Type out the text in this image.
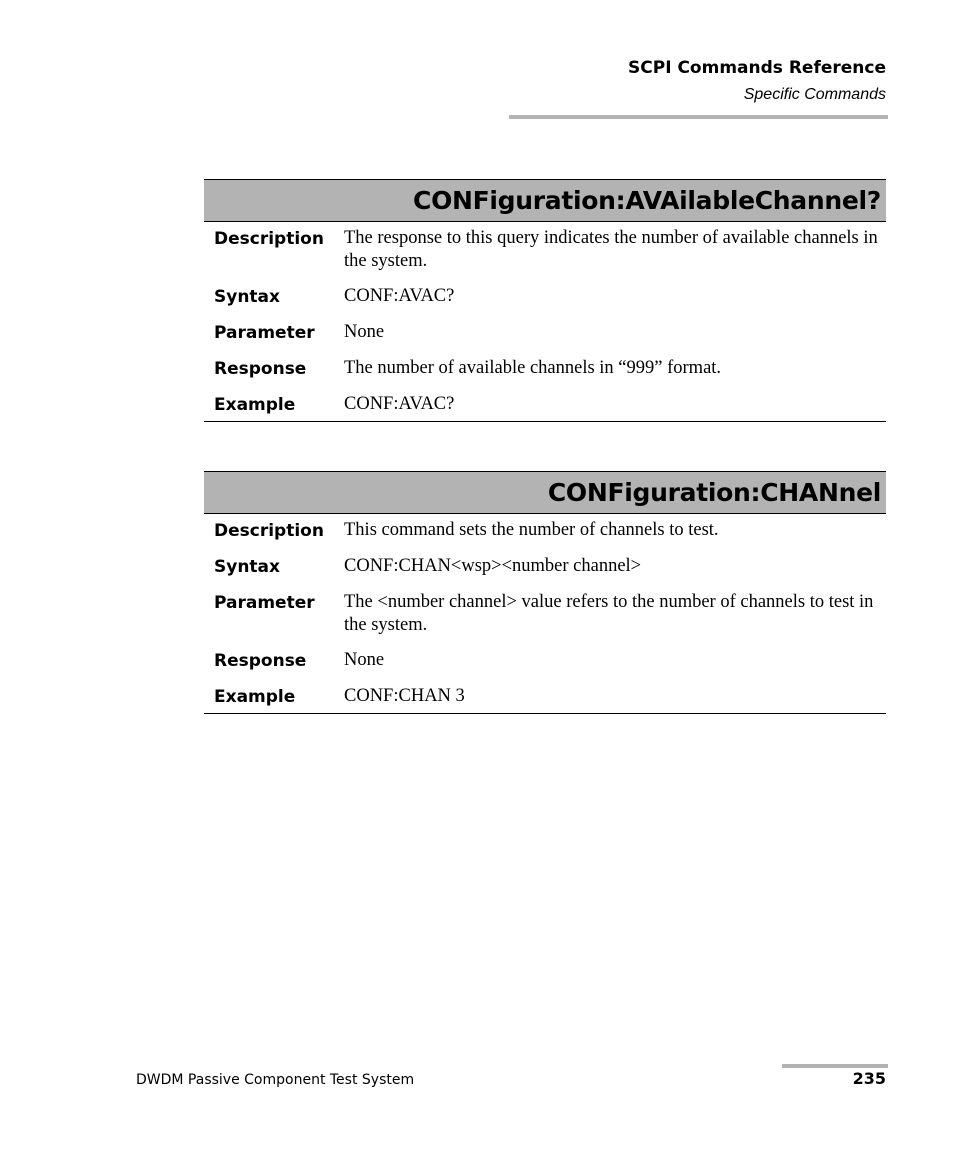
SCPI Commands Reference
Specific Commands
CONFiguration:AVAilableChannel?
Description	The response to this query indicates the number of available channels in the system.
Syntax	CONF:AVAC?
Parameter	None
Response	The number of available channels in “999” format.
Example	CONF:AVAC?
CONFiguration:CHANnel
Description	This command sets the number of channels to test.
Syntax	CONF:CHAN<wsp><number channel>
Parameter	The <number channel> value refers to the number of channels to test in the system.
Response	None
Example	CONF:CHAN 3
DWDM Passive Component Test System	235
